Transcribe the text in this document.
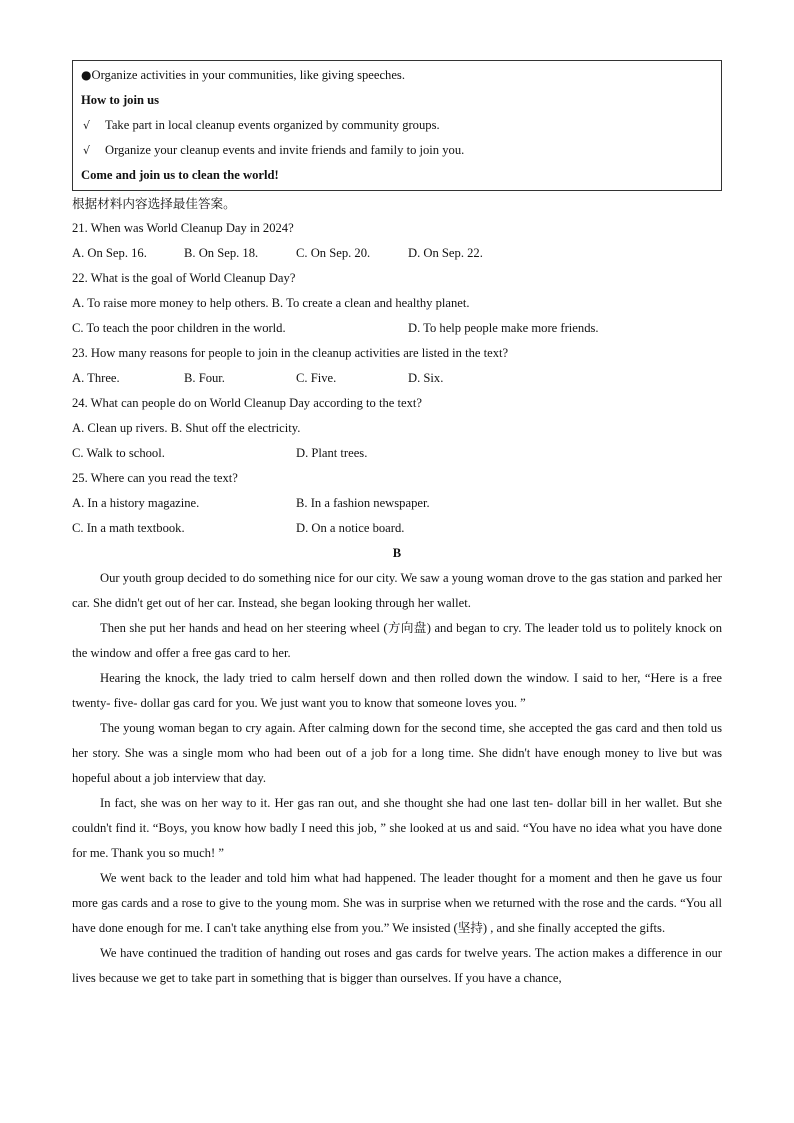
●Organize activities in your communities, like giving speeches.
How to join us
√ Take part in local cleanup events organized by community groups.
√ Organize your cleanup events and invite friends and family to join you.
Come and join us to clean the world!
根据材料内容选择最佳答案。
21. When was World Cleanup Day in 2024?
A. On Sep. 16.	B. On Sep. 18.	C. On Sep. 20.	D. On Sep. 22.
22. What is the goal of World Cleanup Day?
A. To raise more money to help others.
B. To create a clean and healthy planet.
C. To teach the poor children in the world.	D. To help people make more friends.
23. How many reasons for people to join in the cleanup activities are listed in the text?
A. Three.	B. Four.	C. Five.	D. Six.
24. What can people do on World Cleanup Day according to the text?
A. Clean up rivers.
B. Shut off the electricity.
C. Walk to school.	D. Plant trees.
25. Where can you read the text?
A. In a history magazine.	B. In a fashion newspaper.
C. In a math textbook.	D. On a notice board.
B
Our youth group decided to do something nice for our city. We saw a young woman drove to the gas station and parked her car. She didn't get out of her car. Instead, she began looking through her wallet.
Then she put her hands and head on her steering wheel (方向盘) and began to cry. The leader told us to politely knock on the window and offer a free gas card to her.
Hearing the knock, the lady tried to calm herself down and then rolled down the window. I said to her, “Here is a free twenty- five- dollar gas card for you. We just want you to know that someone loves you. ”
The young woman began to cry again. After calming down for the second time, she accepted the gas card and then told us her story. She was a single mom who had been out of a job for a long time. She didn't have enough money to live but was hopeful about a job interview that day.
In fact, she was on her way to it. Her gas ran out, and she thought she had one last ten- dollar bill in her wallet. But she couldn't find it. “Boys, you know how badly I need this job, ” she looked at us and said. “You have no idea what you have done for me. Thank you so much! ”
We went back to the leader and told him what had happened. The leader thought for a moment and then he gave us four more gas cards and a rose to give to the young mom. She was in surprise when we returned with the rose and the cards. “You all have done enough for me. I can't take anything else from you.” We insisted (坚持) , and she finally accepted the gifts.
We have continued the tradition of handing out roses and gas cards for twelve years. The action makes a difference in our lives because we get to take part in something that is bigger than ourselves. If you have a chance,
